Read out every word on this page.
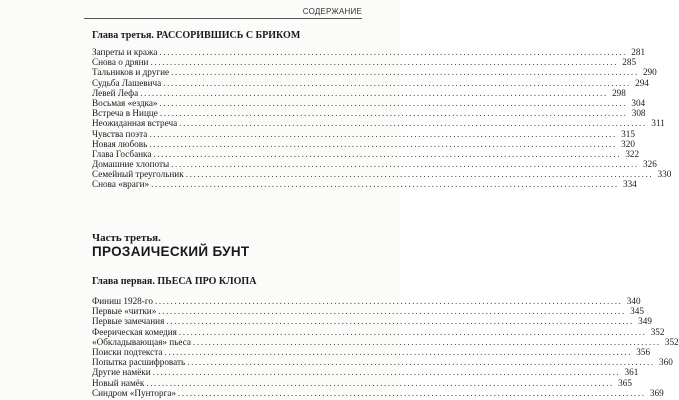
СОДЕРЖАНИЕ
Глава третья. РАССОРИВШИСЬ С БРИКОМ
Запреты и кража ........................................................................................................................ 281
Снова о дряни ........................................................................................................................ 285
Тальников и другие ........................................................................................................................ 290
Судьба Лашевича ........................................................................................................................ 294
Левей Лефа ........................................................................................................................ 298
Восьмая «ездка» ........................................................................................................................ 304
Встреча в Ницце ........................................................................................................................ 308
Неожиданная встреча ........................................................................................................................ 311
Чувства поэта ........................................................................................................................ 315
Новая любовь ........................................................................................................................ 320
Глава Госбанка ........................................................................................................................ 322
Домашние хлопоты ........................................................................................................................ 326
Семейный треугольник ........................................................................................................................ 330
Снова «враги» ........................................................................................................................ 334
Часть третья.
ПРОЗАИЧЕСКИЙ БУНТ
Глава первая. ПЬЕСА ПРО КЛОПА
Финиш 1928-го ........................................................................................................................ 340
Первые «читки» ........................................................................................................................ 345
Первые замечания ........................................................................................................................ 349
Феерическая комедия ........................................................................................................................ 352
«Обкладывающая» пьеса ........................................................................................................................ 352
Поиски подтекста ........................................................................................................................ 356
Попытка расшифровать ........................................................................................................................ 360
Другие намёки ........................................................................................................................ 361
Новый намёк ........................................................................................................................ 365
Синдром «Пунторга» ........................................................................................................................ 369
